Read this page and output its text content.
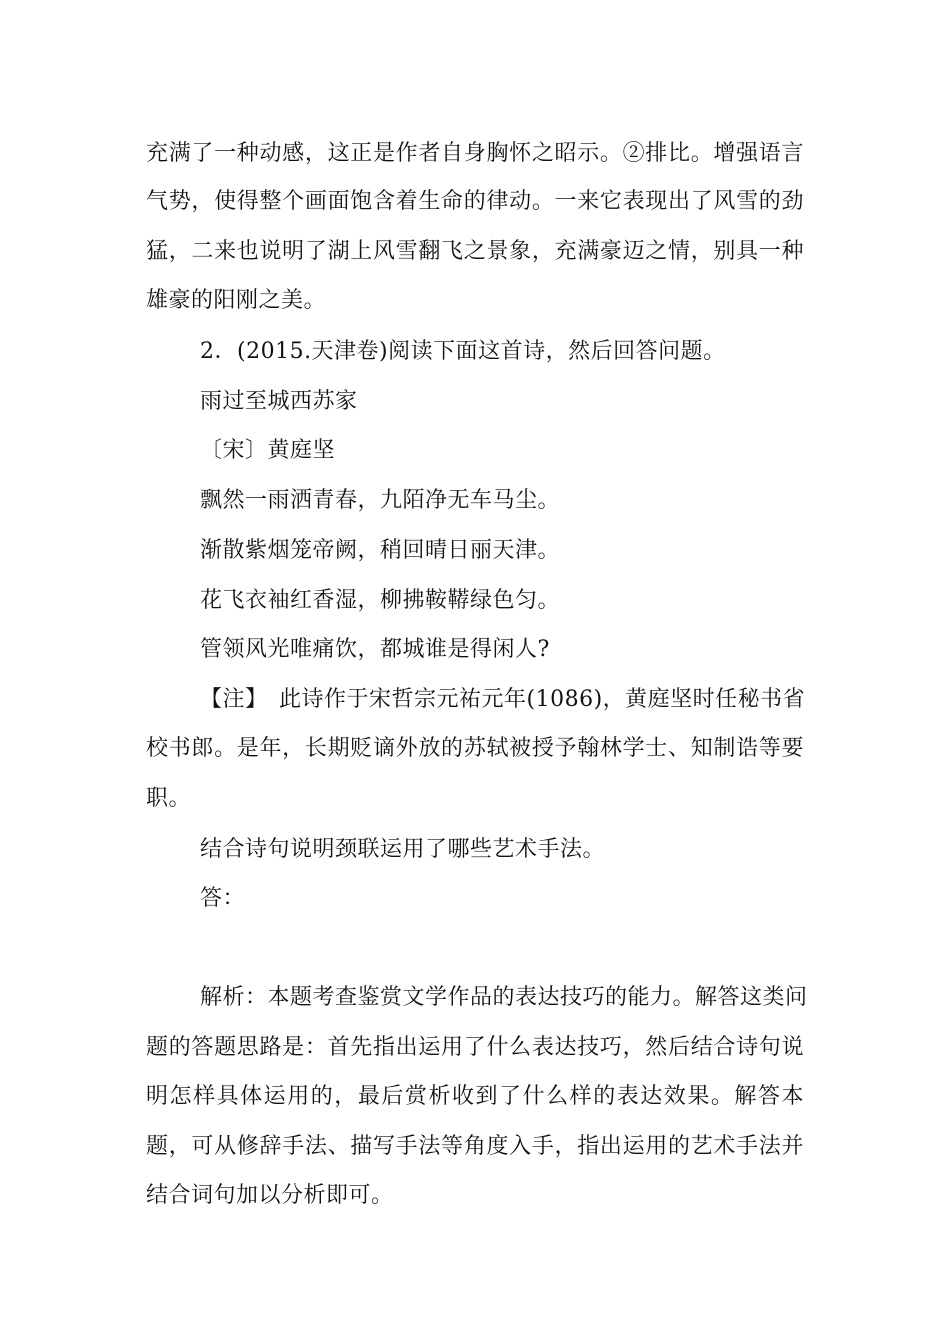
充满了一种动感，这正是作者自身胸怀之昭示。②排比。增强语言
气势，使得整个画面饱含着生命的律动。一来它表现出了风雪的劲
猛，二来也说明了湖上风雪翻飞之景象，充满豪迈之情，别具一种
雄豪的阳刚之美。
2．(2015.天津卷)阅读下面这首诗，然后回答问题。
雨过至城西苏家
〔宋〕黄庭坚
飘然一雨洒青春，九陌净无车马尘。
渐散紫烟笼帝阙，稍回晴日丽天津。
花飞衣袖红香湿，柳拂鞍鞯绿色匀。
管领风光唯痛饮，都城谁是得闲人?
【注】　此诗作于宋哲宗元祐元年(1086)，黄庭坚时任秘书省
校书郎。是年，长期贬谪外放的苏轼被授予翰林学士、知制诰等要
职。
结合诗句说明颈联运用了哪些艺术手法。
答：
解析：本题考查鉴赏文学作品的表达技巧的能力。解答这类问
题的答题思路是：首先指出运用了什么表达技巧，然后结合诗句说
明怎样具体运用的，最后赏析收到了什么样的表达效果。解答本
题，可从修辞手法、描写手法等角度入手，指出运用的艺术手法并
结合词句加以分析即可。
